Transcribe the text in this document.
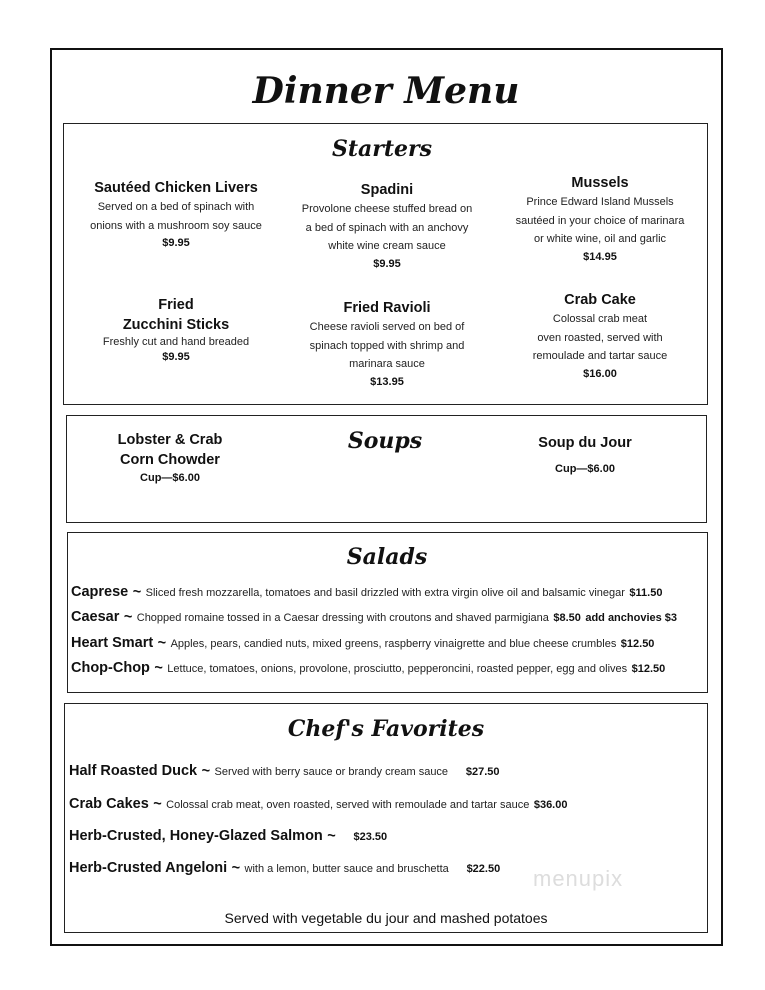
Dinner Menu
Starters
Sautéed Chicken Livers
Served on a bed of spinach with
onions with a mushroom soy sauce
$9.95
Spadini
Provolone cheese stuffed bread on
a bed of spinach with an anchovy
white wine cream sauce
$9.95
Mussels
Prince Edward Island Mussels
sautéed in your choice of marinara
or white wine, oil and garlic
$14.95
Fried
Zucchini Sticks
Freshly cut and hand breaded
$9.95
Fried Ravioli
Cheese ravioli served on bed of
spinach topped with shrimp and
marinara sauce
$13.95
Crab Cake
Colossal crab meat
oven roasted, served with
remoulade and tartar sauce
$16.00
Soups
Lobster & Crab
Corn Chowder
Cup—$6.00
Soup du Jour
Cup—$6.00
Salads
Caprese ~ Sliced fresh mozzarella, tomatoes and basil drizzled with extra virgin olive oil and balsamic vinegar $11.50
Caesar ~ Chopped romaine tossed in a Caesar dressing with croutons and shaved parmigiana $8.50 add anchovies $3
Heart Smart ~ Apples, pears, candied nuts, mixed greens, raspberry vinaigrette and blue cheese crumbles $12.50
Chop-Chop ~ Lettuce, tomatoes, onions, provolone, prosciutto, pepperoncini, roasted pepper, egg and olives $12.50
Chef's Favorites
Half Roasted Duck ~ Served with berry sauce or brandy cream sauce $27.50
Crab Cakes ~ Colossal crab meat, oven roasted, served with remoulade and tartar sauce $36.00
Herb-Crusted, Honey-Glazed Salmon ~ $23.50
Herb-Crusted Angeloni ~ with a lemon, butter sauce and bruschetta $22.50 menupix
Served with vegetable du jour and mashed potatoes
